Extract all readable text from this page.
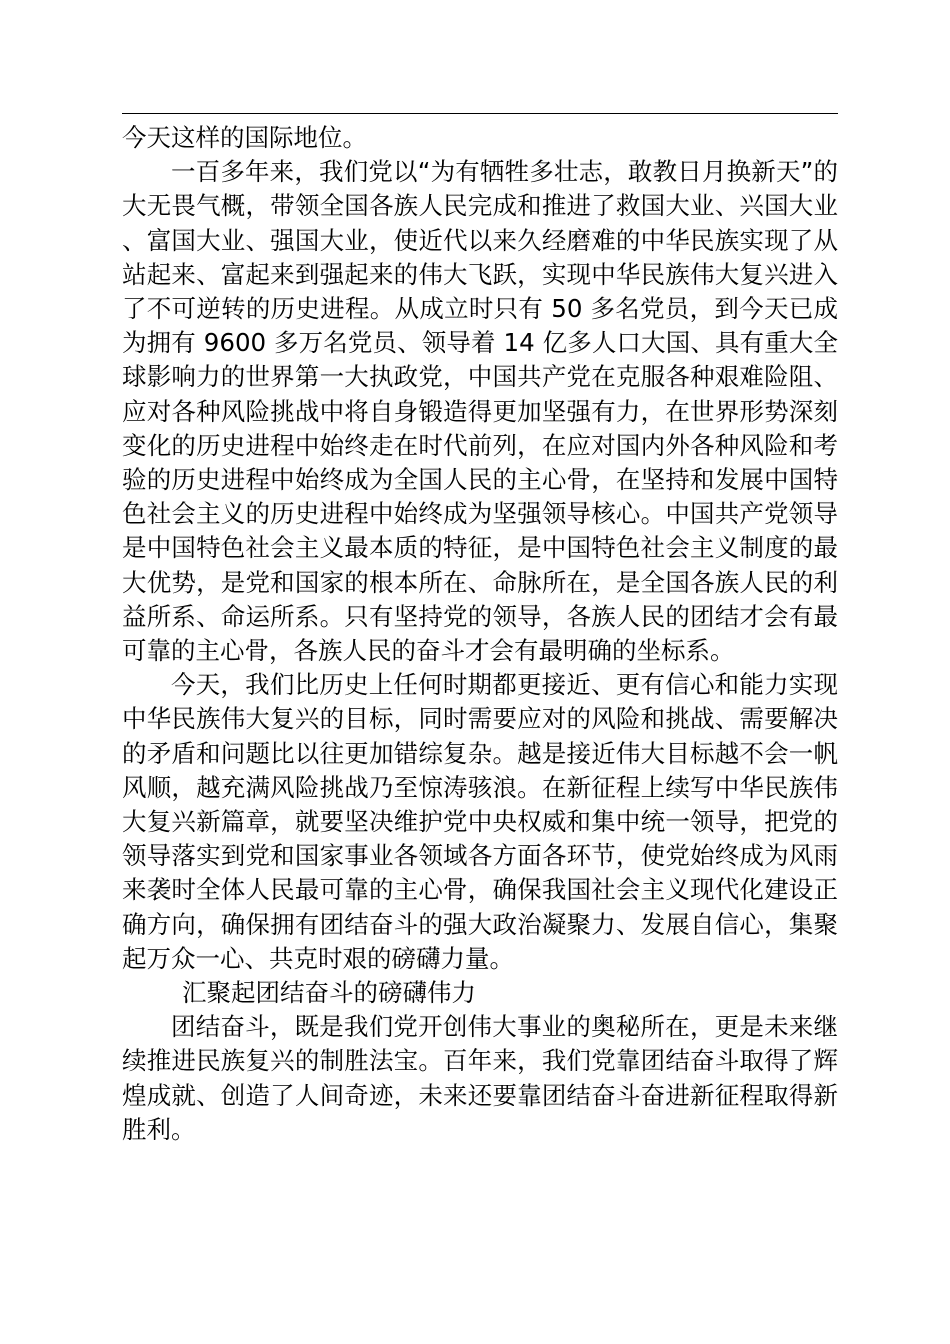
今天这样的国际地位。

一百多年来，我们党以“为有牺牲多壮志，敢教日月换新天”的大无畏气概，带领全国各族人民完成和推进了救国大业、兴国大业、富国大业、强国大业，使近代以来久经磨难的中华民族实现了从站起来、富起来到强起来的伟大飞跃，实现中华民族伟大复兴进入了不可逆转的历史进程。从成立时只有 50 多名党员，到今天已成为拥有 9600 多万名党员、领导着 14 亿多人口大国、具有重大全球影响力的世界第一大执政党，中国共产党在克服各种艰难险阻、应对各种风险挑战中将自身锻造得更加坚强有力，在世界形势深刻变化的历史进程中始终走在时代前列，在应对国内外各种风险和考验的历史进程中始终成为全国人民的主心骨，在坚持和发展中国特色社会主义的历史进程中始终成为坚强领导核心。中国共产党领导是中国特色社会主义最本质的特征，是中国特色社会主义制度的最大优势，是党和国家的根本所在、命脉所在，是全国各族人民的利益所系、命运所系。只有坚持党的领导，各族人民的团结才会有最可靠的主心骨，各族人民的奋斗才会有最明确的坐标系。

今天，我们比历史上任何时期都更接近、更有信心和能力实现中华民族伟大复兴的目标，同时需要应对的风险和挑战、需要解决的矛盾和问题比以往更加错综复杂。越是接近伟大目标越不会一帆风顺，越充满风险挑战乃至惊涛骇浪。在新征程上续写中华民族伟大复兴新篇章，就要坚决维护党中央权威和集中统一领导，把党的领导落实到党和国家事业各领域各方面各环节，使党始终成为风雨来袭时全体人民最可靠的主心骨，确保我国社会主义现代化建设正确方向，确保拥有团结奋斗的强大政治凝聚力、发展自信心，集聚起万众一心、共克时艰的磅礴力量。

汇聚起团结奋斗的磅礴伟力

团结奋斗，既是我们党开创伟大事业的奥秘所在，更是未来继续推进民族复兴的制胜法宝。百年来，我们党靠团结奋斗取得了辉煌成就、创造了人间奇迹，未来还要靠团结奋斗奋进新征程取得新胜利。
